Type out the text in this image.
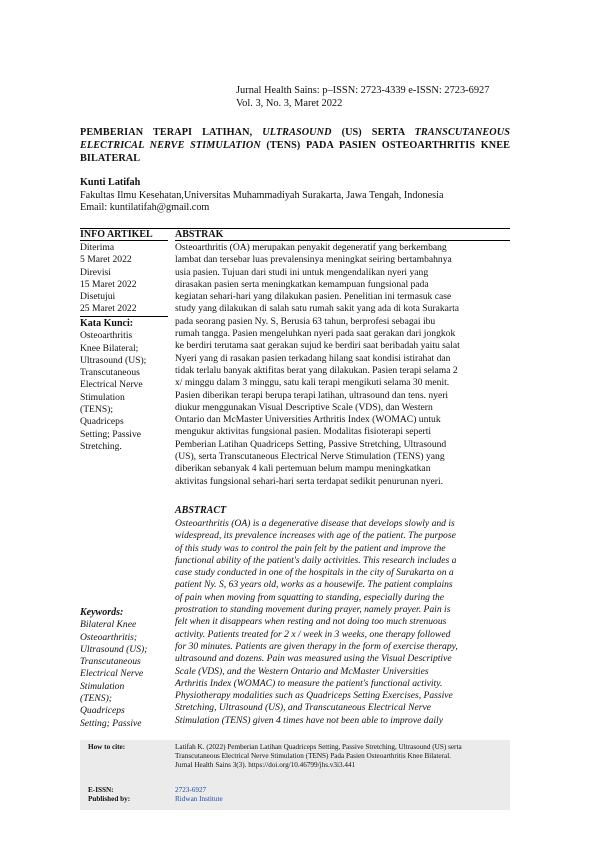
Jurnal Health Sains: p–ISSN: 2723-4339 e-ISSN: 2723-6927
Vol. 3, No. 3, Maret 2022
PEMBERIAN TERAPI LATIHAN, ULTRASOUND (US) SERTA TRANSCUTANEOUS ELECTRICAL NERVE STIMULATION (TENS) PADA PASIEN OSTEOARTHRITIS KNEE BILATERAL
Kunti Latifah
Fakultas Ilmu Kesehatan,Universitas Muhammadiyah Surakarta, Jawa Tengah, Indonesia
Email: kuntilatifah@gmail.com
INFO ARTIKEL
Diterima
5 Maret 2022
Direvisi
15 Maret 2022
Disetujui
25 Maret 2022
Kata Kunci:
Osteoarthritis
Knee Bilateral;
Ultrasound (US);
Transcutaneous
Electrical Nerve
Stimulation
(TENS);
Quadriceps
Setting; Passive
Stretching.
Keywords:
Bilateral Knee
Osteoarthritis;
Ultrasound (US);
Transcutaneous
Electrical Nerve
Stimulation
(TENS);
Quadriceps
Setting; Passive
ABSTRAK
Osteoarthritis (OA) merupakan penyakit degeneratif yang berkembang
lambat dan tersebar luas prevalensinya meningkat seiring bertambahnya
usia pasien. Tujuan dari studi ini untuk mengendalikan nyeri yang
dirasakan pasien serta meningkatkan kemampuan fungsional pada
kegiatan sehari-hari yang dilakukan pasien. Penelitian ini termasuk case
study yang dilakukan di salah satu rumah sakit yang ada di kota Surakarta
pada seorang pasien Ny. S, Berusia 63 tahun, berprofesi sebagai ibu
rumah tangga. Pasien mengeluhkan nyeri pada saat gerakan dari jongkok
ke berdiri terutama saat gerakan sujud ke berdiri saat beribadah yaitu salat
Nyeri yang di rasakan pasien terkadang hilang saat kondisi istirahat dan
tidak terlalu banyak aktifitas berat yang dilakukan. Pasien terapi selama 2
x/ minggu dalam 3 minggu, satu kali terapi mengikuti selama 30 menit.
Pasien diberikan terapi berupa terapi latihan, ultrasound dan tens. nyeri
diukur menggunakan Visual Descriptive Scale (VDS), dan Western
Ontario dan McMaster Universities Arthritis Index (WOMAC) untuk
mengukur aktivitas fungsional pasien. Modalitas fisioterapi seperti
Pemberian Latihan Quadriceps Setting, Passive Stretching, Ultrasound
(US), serta Transcutaneous Electrical Nerve Stimulation (TENS) yang
diberikan sebanyak 4 kali pertemuan belum mampu meningkatkan
aktivitas fungsional sehari-hari serta terdapat sedikit penurunan nyeri.
ABSTRACT
Osteoarthritis (OA) is a degenerative disease that develops slowly and is
widespread, its prevalence increases with age of the patient. The purpose
of this study was to control the pain felt by the patient and improve the
functional ability of the patient's daily activities. This research includes a
case study conducted in one of the hospitals in the city of Surakarta on a
patient Ny. S, 63 years old, works as a housewife. The patient complains
of pain when moving from squatting to standing, especially during the
prostration to standing movement during prayer, namely prayer. Pain is
felt when it disappears when resting and not doing too much strenuous
activity. Patients treated for 2 x / week in 3 weeks, one therapy followed
for 30 minutes. Patients are given therapy in the form of exercise therapy,
ultrasound and dozens. Pain was measured using the Visual Descriptive
Scale (VDS), and the Western Ontario and McMaster Universities
Arthritis Index (WOMAC) to measure the patient's functional activity.
Physiotherapy modalities such as Quadriceps Setting Exercises, Passive
Stretching, Ultrasound (US), and Transcutaneous Electrical Nerve
Stimulation (TENS) given 4 times have not been able to improve daily
How to cite:	Latifah K. (2022) Pemberian Latihan Quadriceps Setting, Passive Stretching, Ultrasound (US) serta
Transcutaneous Electrical Nerve Stimulation (TENS) Pada Pasien Osteoarthritis Knee Bilateral.
Jurnal Health Sains 3(3). https://doi.org/10.46799/jhs.v3i3.441
E-ISSN:	2723-6927
Published by:	Ridwan Institute
